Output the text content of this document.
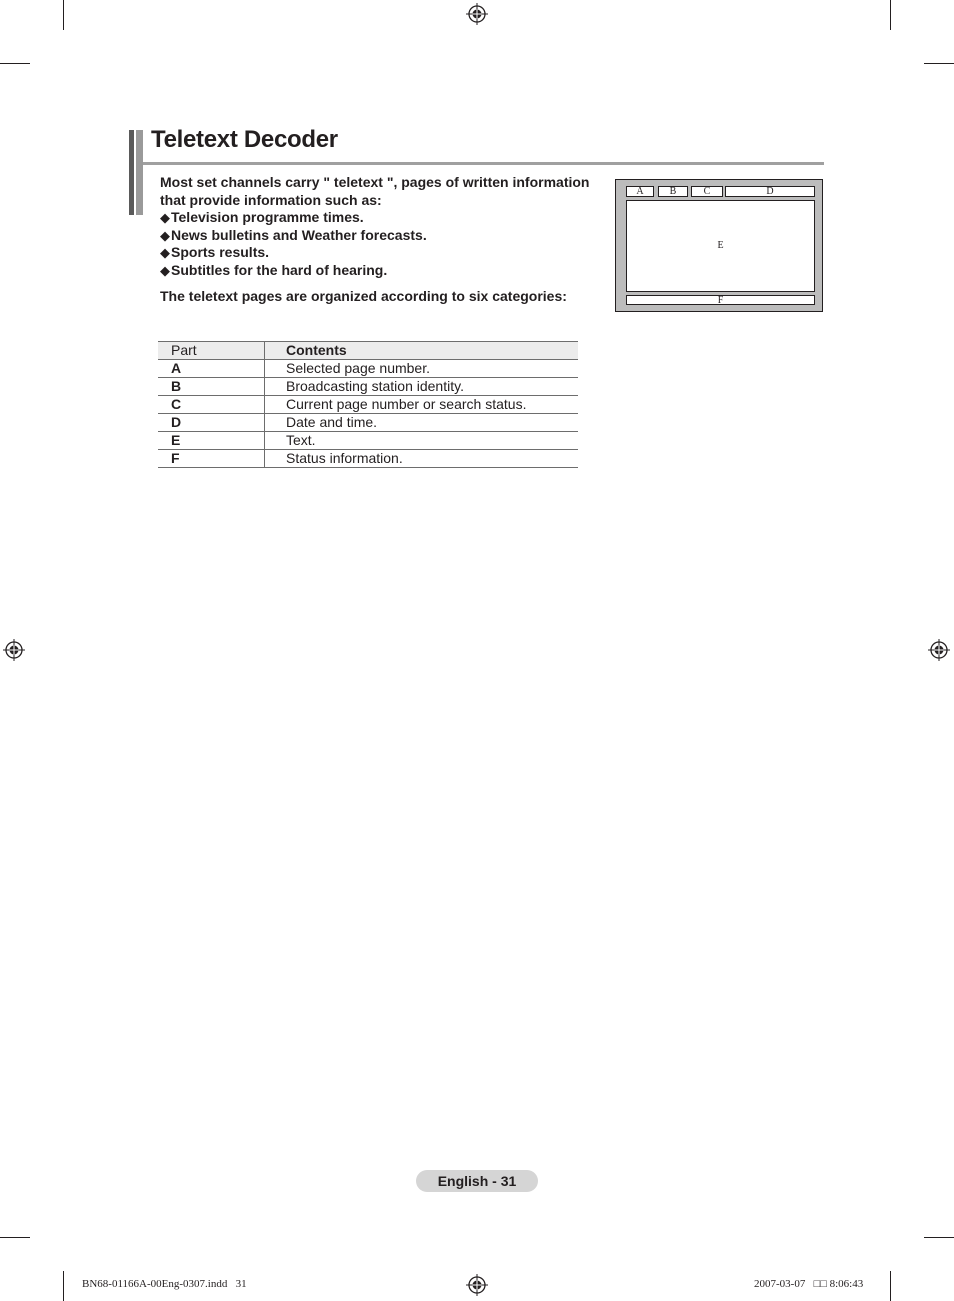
Teletext Decoder

Most set channels carry " teletext ", pages of written information that provide information such as:

◆ Television programme times.
◆ News bulletins and Weather forecasts.
◆ Sports results.
◆ Subtitles for the hard of hearing.
The teletext pages are organized according to six categories:
A	B	C	D
E
F
Part	Contents
A	Selected page number.
B	Broadcasting station identity.
C	Current page number or search status.
D	Date and time.
E	Text.
F	Status information.
English - 31
BN68-01166A-00Eng-0307.indd   31	2007-03-07   □□ 8:06:43
